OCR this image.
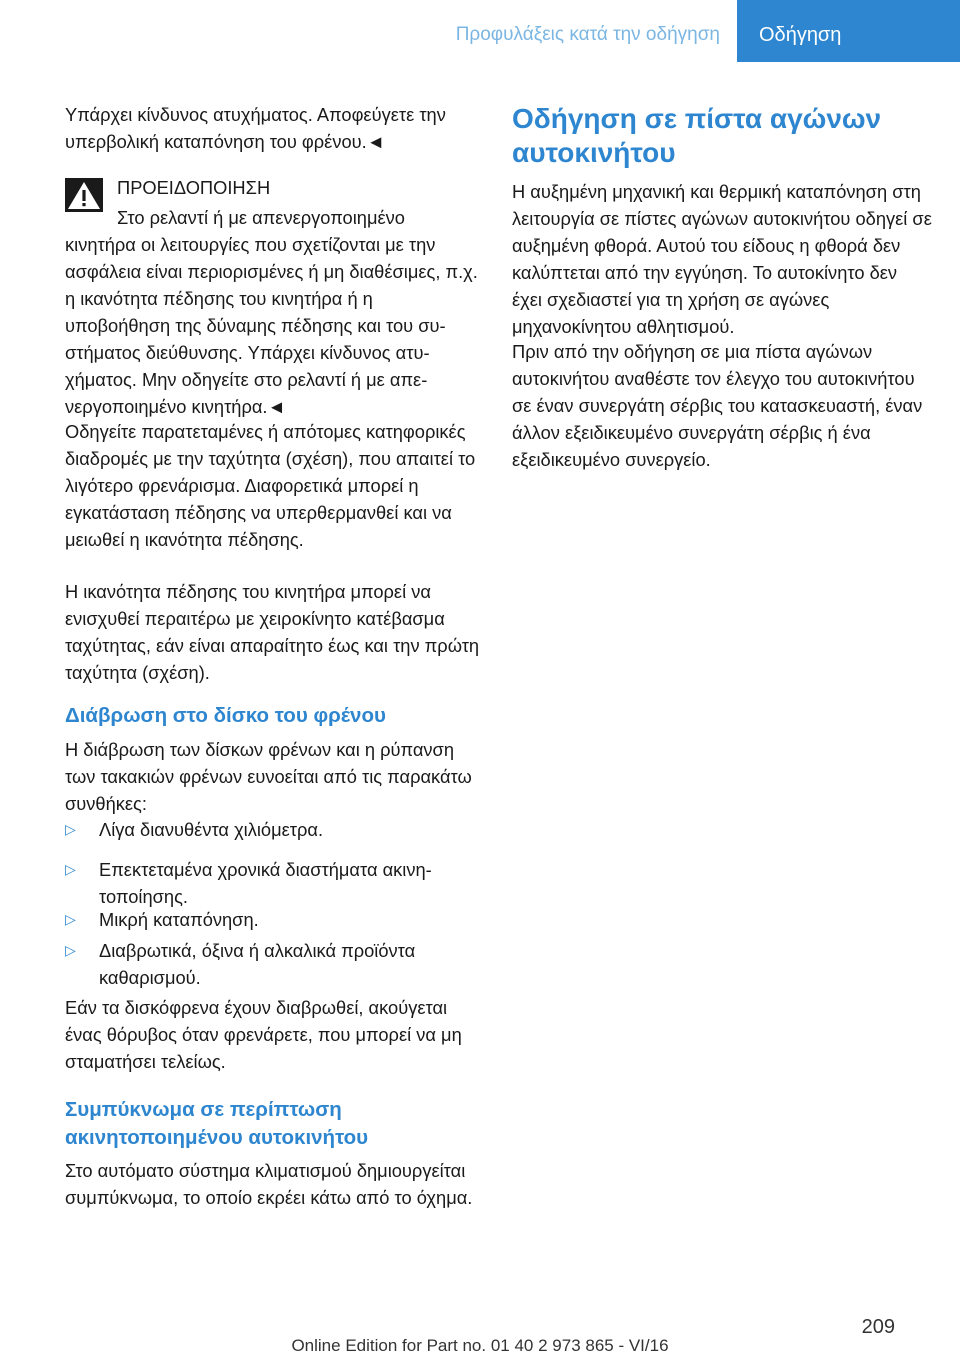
Προφυλάξεις κατά την οδήγηση	Οδήγηση

Υπάρχει κίνδυνος ατυχήματος. Αποφεύγετε την υπερβολική καταπόνηση του φρένου.◄

ΠΡΟΕΙΔΟΠΟΙΗΣΗ

Στο ρελαντί ή με απενεργοποιημένο κινητήρα οι λειτουργίες που σχετίζονται με την ασφάλεια είναι περιορισμένες ή μη διαθέσιμες, π.χ. η ικανότητα πέδησης του κινητήρα ή η υποβοήθηση της δύναμης πέδησης και του συστήματος διεύθυνσης. Υπάρχει κίνδυνος ατυχήματος. Μην οδηγείτε στο ρελαντί ή με απενεργοποιημένο κινητήρα.◄

Οδηγείτε παρατεταμένες ή απότομες κατηφορικές διαδρομές με την ταχύτητα (σχέση), που απαιτεί το λιγότερο φρενάρισμα. Διαφορετικά μπορεί η εγκατάσταση πέδησης να υπερθερμανθεί και να μειωθεί η ικανότητα πέδησης.

Η ικανότητα πέδησης του κινητήρα μπορεί να ενισχυθεί περαιτέρω με χειροκίνητο κατέβασμα ταχύτητας, εάν είναι απαραίτητο έως και την πρώτη ταχύτητα (σχέση).

Διάβρωση στο δίσκο του φρένου

Η διάβρωση των δίσκων φρένων και η ρύπανση των τακακιών φρένων ευνοείται από τις παρακάτω συνθήκες:

▷ Λίγα διανυθέντα χιλιόμετρα.
▷ Επεκτεταμένα χρονικά διαστήματα ακινητοποίησης.
▷ Μικρή καταπόνηση.
▷ Διαβρωτικά, όξινα ή αλκαλικά προϊόντα καθαρισμού.

Εάν τα δισκόφρενα έχουν διαβρωθεί, ακούγεται ένας θόρυβος όταν φρενάρετε, που μπορεί να μη σταματήσει τελείως.

Συμπύκνωμα σε περίπτωση ακινητοποιημένου αυτοκινήτου

Στο αυτόματο σύστημα κλιματισμού δημιουργείται συμπύκνωμα, το οποίο εκρέει κάτω από το όχημα.

Οδήγηση σε πίστα αγώνων αυτοκινήτου

Η αυξημένη μηχανική και θερμική καταπόνηση στη λειτουργία σε πίστες αγώνων αυτοκινήτου οδηγεί σε αυξημένη φθορά. Αυτού του είδους η φθορά δεν καλύπτεται από την εγγύηση. Το αυτοκίνητο δεν έχει σχεδιαστεί για τη χρήση σε αγώνες μηχανοκίνητου αθλητισμού.

Πριν από την οδήγηση σε μια πίστα αγώνων αυτοκινήτου αναθέστε τον έλεγχο του αυτοκινήτου σε έναν συνεργάτη σέρβις του κατασκευαστή, έναν άλλον εξειδικευμένο συνεργάτη σέρβις ή ένα εξειδικευμένο συνεργείο.

209
Online Edition for Part no. 01 40 2 973 865 - VI/16
